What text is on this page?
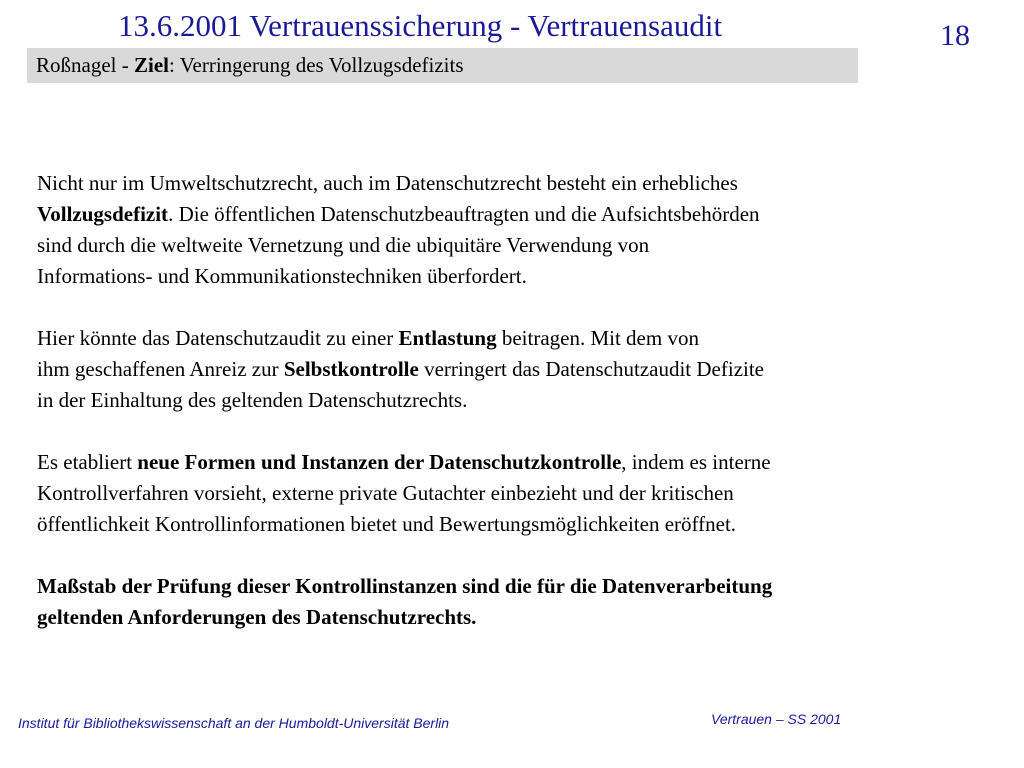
13.6.2001 Vertrauenssicherung - Vertrauensaudit	18
Roßnagel - Ziel: Verringerung des Vollzugsdefizits

Nicht nur im Umweltschutzrecht, auch im Datenschutzrecht besteht ein erhebliches
Vollzugsdefizit. Die öffentlichen Datenschutzbeauftragten und die Aufsichtsbehörden
sind durch die weltweite Vernetzung und die ubiquitäre Verwendung von
Informations- und Kommunikationstechniken überfordert.

Hier könnte das Datenschutzaudit zu einer Entlastung beitragen. Mit dem von
ihm geschaffenen Anreiz zur Selbstkontrolle verringert das Datenschutzaudit Defizite
in der Einhaltung des geltenden Datenschutzrechts.

Es etabliert neue Formen und Instanzen der Datenschutzkontrolle, indem es interne
Kontrollverfahren vorsieht, externe private Gutachter einbezieht und der kritischen
öffentlichkeit Kontrollinformationen bietet und Bewertungsmöglichkeiten eröffnet.

Maßstab der Prüfung dieser Kontrollinstanzen sind die für die Datenverarbeitung
geltenden Anforderungen des Datenschutzrechts.

Institut für Bibliothekswissenschaft an der Humboldt-Universität Berlin	Vertrauen – SS 2001
